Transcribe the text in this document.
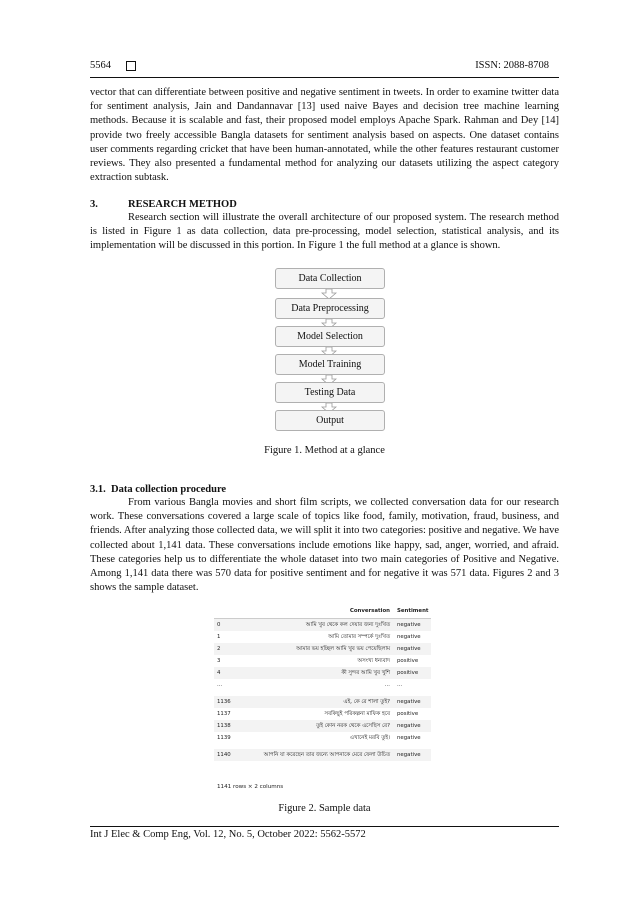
5564	ISSN: 2088-8708

vector that can differentiate between positive and negative sentiment in tweets. In order to examine twitter data for sentiment analysis, Jain and Dandannavar [13] used naive Bayes and decision tree machine learning methods. Because it is scalable and fast, their proposed model employs Apache Spark. Rahman and Dey [14] provide two freely accessible Bangla datasets for sentiment analysis based on aspects. One dataset contains user comments regarding cricket that have been human-annotated, while the other features restaurant customer reviews. They also presented a fundamental method for analyzing our datasets utilizing the aspect category extraction subtask.

3.	RESEARCH METHOD

Research section will illustrate the overall architecture of our proposed system. The research method is listed in Figure 1 as data collection, data pre-processing, model selection, statistical analysis, and its implementation will be discussed in this portion. In Figure 1 the full method at a glance is shown.

Data Collection
Data Preprocessing
Model Selection
Model Training
Testing Data
Output
Figure 1. Method at a glance
3.1. Data collection procedure

From various Bangla movies and short film scripts, we collected conversation data for our research work. These conversations covered a large scale of topics like food, family, motivation, fraud, business, and friends. After analyzing those collected data, we will split it into two categories: positive and negative. We have collected about 1,141 data. These conversations include emotions like happy, sad, anger, worried, and afraid. These categories help us to differentiate the whole dataset into two main categories of Positive and Negative. Among 1,141 data there was 570 data for positive sentiment and for negative it was 571 data. Figures 2 and 3 shows the sample dataset.

Conversation Sentiment
0	আমি খুব থেকে কল দেয়ার জন্য দুঃখিত negative
1	আমি তোমার সম্পর্কে দুঃখিত negative
2	আমার ভয় হচ্ছিল আমি খুব ভয় পেয়েছিলাম negative
3	অসংখ্য ধন্যবাদ positive
4	কী সুন্দর আমি খুব খুশি positive
...	... ...
1136	এই, কে রে শালা তুই? negative
1137	সবকিছুই পরিকল্পনা মাফিক হবে positive
1138	তুই কোন নরক থেকে এসেছিস রে? negative
1139	এখানেই মরবি তুই। negative
1140	আপনি যা করেছেন তার জন্যে আপনাকে মেরে ফেলা উচিত negative
1141 rows × 2 columns
Figure 2. Sample data
Int J Elec & Comp Eng, Vol. 12, No. 5, October 2022: 5562-5572
